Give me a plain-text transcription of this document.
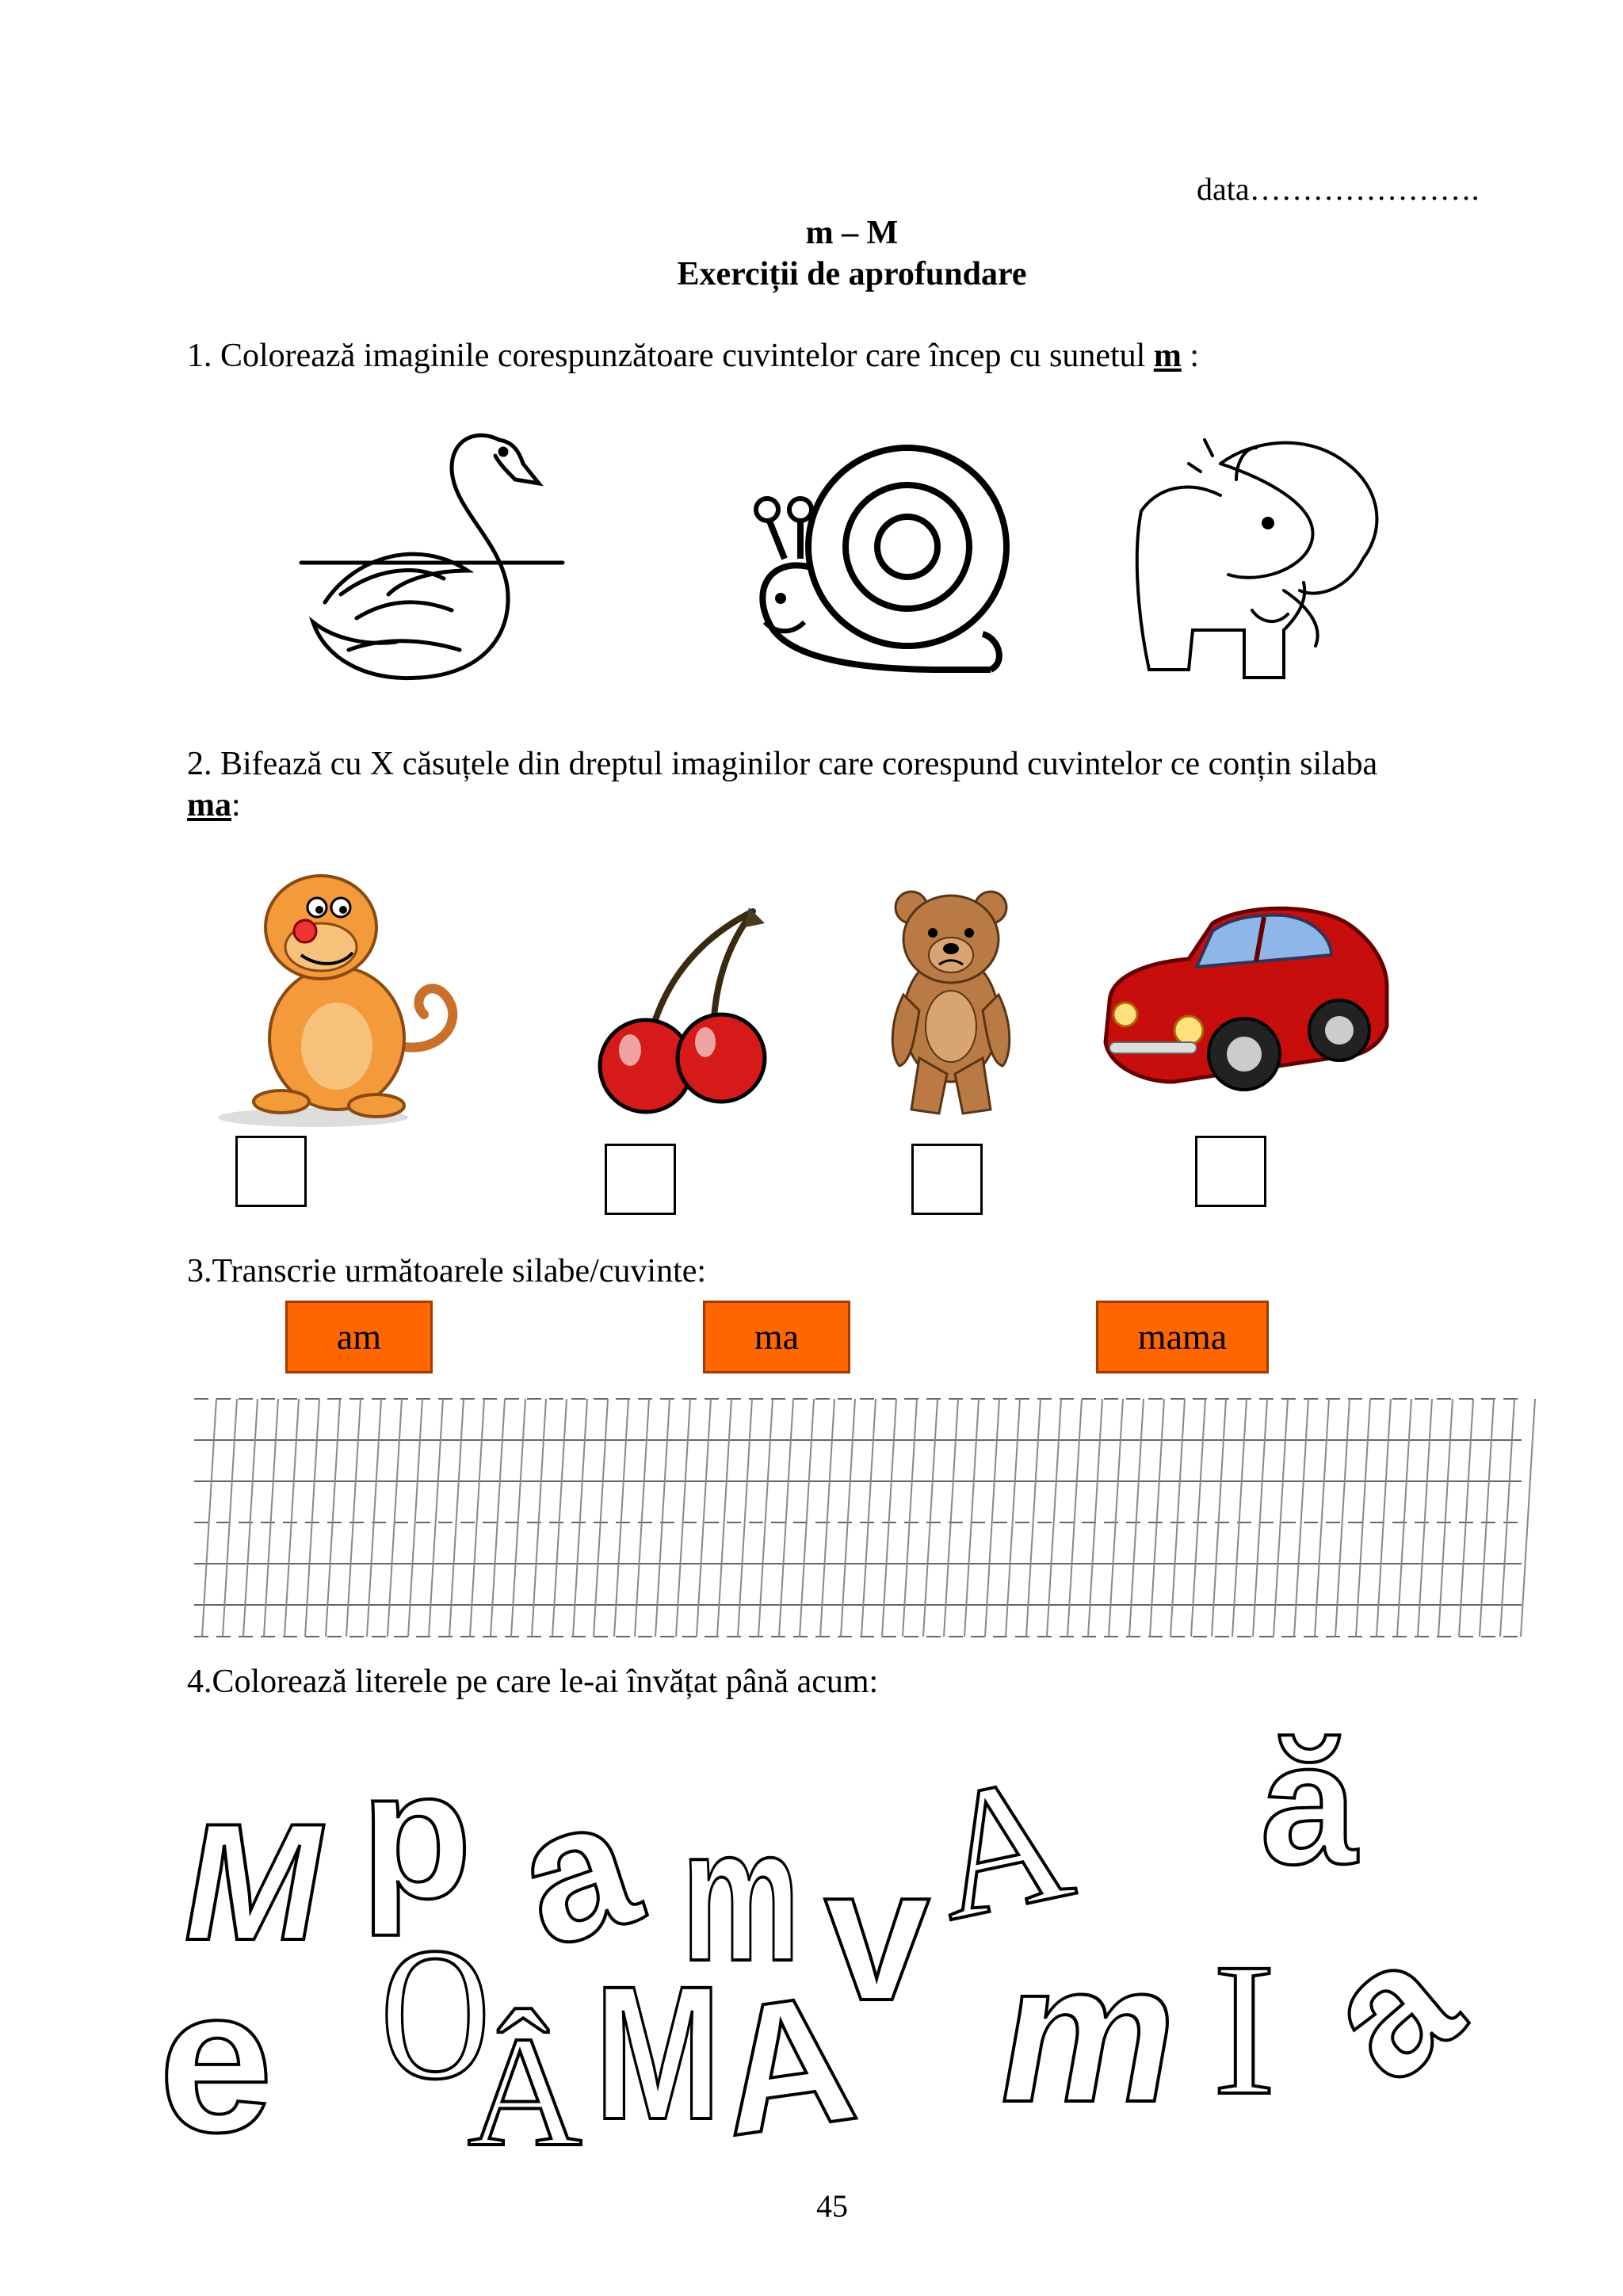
data………………….
m – M
Exerciții de aprofundare
1. Colorează imaginile corespunzătoare cuvintelor care încep cu sunetul m :
2. Bifează cu X căsuțele din dreptul imaginilor care corespund cuvintelor ce conțin silaba
ma:
3.Transcrie următoarele silabe/cuvinte:
am	ma	mama
4.Colorează literele pe care le-ai învățat până acum:
M p a m v
A ă
e O
Â M
A m I a
45
